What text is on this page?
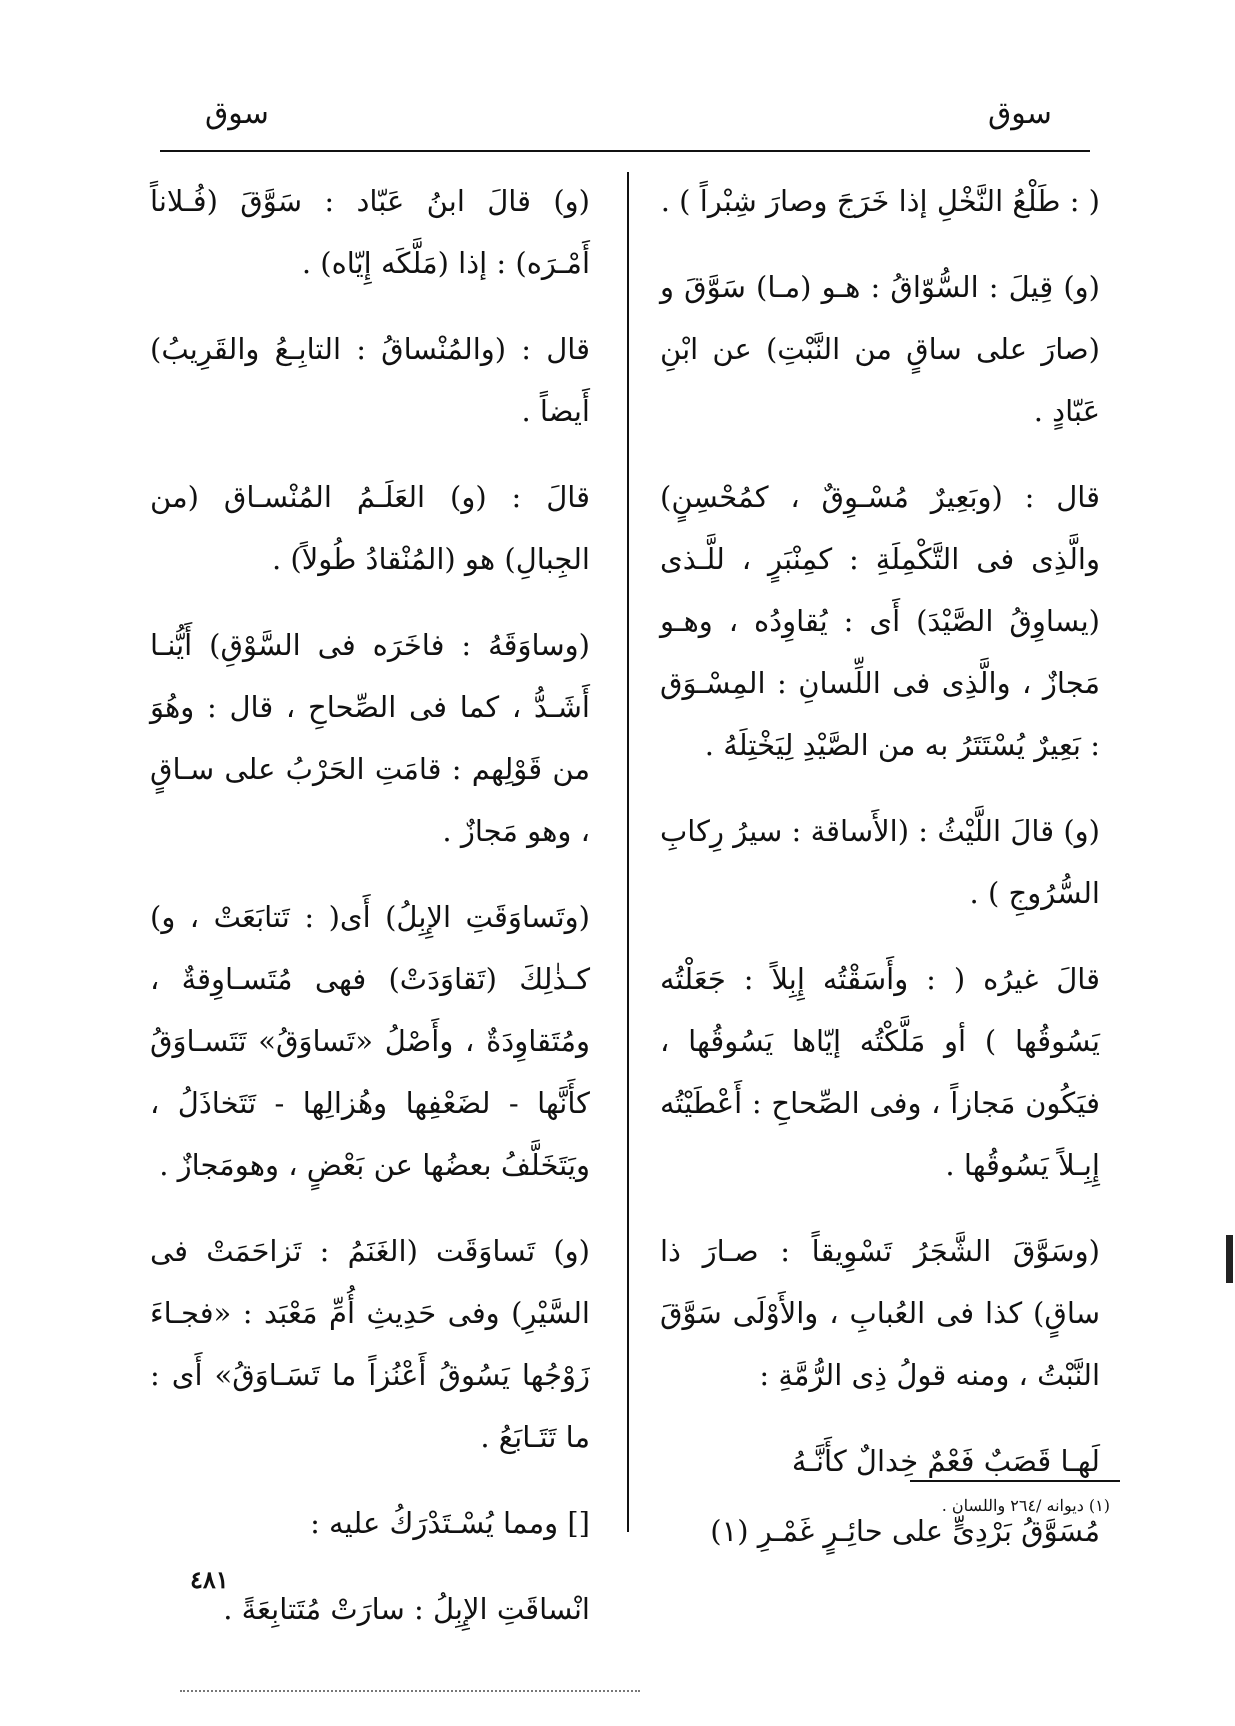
سوق
سوق

( : طَلْعُ النَّخْلِ إذا خَرَجَ وصارَ شِبْراً ) .

(و) قِيلَ : السُّوّاقُ : هـو (مـا) سَوَّقَ و (صارَ على ساقٍ من النَّبْتِ) عن ابْنِ عَبّادٍ .

قال : (وبَعِيرٌ مُسْـوِقٌ ، كمُحْسِنٍ) والَّذِى فى التَّكْمِلَةِ : كمِنْبَرٍ ، للَّـذى (يساوِقُ الصَّيْدَ) أَى : يُقاوِدُه ، وهـو مَجازٌ ، والَّذِى فى اللِّسانِ : المِسْـوَق : بَعِيرٌ يُسْتَتَرُ به من الصَّيْدِ لِيَخْتِلَهُ .

(و) قالَ اللَّيْثُ : (الأَساقة : سيرُ رِكابِ السُّرُوجِ ) .

قالَ غيرُه ( : وأَسَقْتُه إِبِلاً : جَعَلْتُه يَسُوقُها ) أو مَلَّكْتُه إيّاها يَسُوقُها ، فيَكُون مَجازاً ، وفى الصِّحاحِ : أَعْطَيْتُه إِبِـلاً يَسُوقُها .

(وسَوَّقَ الشَّجَرُ تَسْوِيقاً : صـارَ ذا ساقٍ) كذا فى العُبابِ ، والأَوْلَى سَوَّقَ النَّبْتُ ، ومنه قولُ ذِى الرُّمَّةِ :

لَهـا قَصَبٌ فَعْمٌ خِدالٌ كأَنَّـهُ

مُسَوَّقُ بَرْدِىٍّ على حائِـرٍ غَمْـرِ (١)

(و) قالَ ابنُ عَبّاد : سَوَّقَ (فُـلاناً أَمْـرَه) : إذا (مَلَّكَه إِيّاه) .

قال : (والمُنْساقُ : التابِـعُ والقَرِيبُ) أَيضاً .

قالَ : (و) العَلَـمُ المُنْسـاق (من الجِبالِ) هو (المُنْقادُ طُولاً) .

(وساوَقَهُ : فاخَرَه فى السَّوْقِ) أَيُّنـا أَشَـدُّ ، كما فى الصِّحاحِ ، قال : وهُوَ من قَوْلِهم : قامَتِ الحَرْبُ على سـاقٍ ، وهو مَجازٌ .

(وتَساوَقَتِ الإِبِلُ) أَى( : تَتابَعَتْ ، و) كـذٰلِكَ (تَقاوَدَتْ) فهى مُتَسـاوِقةٌ ، ومُتَقاوِدَةٌ ، وأَصْلُ «تَساوَقُ» تَتَسـاوَقُ كأَنَّها - لضَعْفِها وهُزالِها - تَتَخاذَلُ ، ويَتَخَلَّفُ بعضُها عن بَعْضٍ ، وهومَجازٌ .

(و) تَساوَقَت (الغَنَمُ : تَزاحَمَتْ فى السَّيْرِ) وفى حَدِيثِ أُمِّ مَعْبَد : «فجـاءَ زَوْجُها يَسُوقُ أَعْنُزاً ما تَسَـاوَقُ» أَى : ما تَتَـابَعُ .

[] ومما يُسْـتَدْرَكُ عليه :

انْساقَتِ الإِبِلُ : سارَتْ مُتَتابِعَةً .

(١) ديوانه /٢٦٤ واللسان .
٤٨١
